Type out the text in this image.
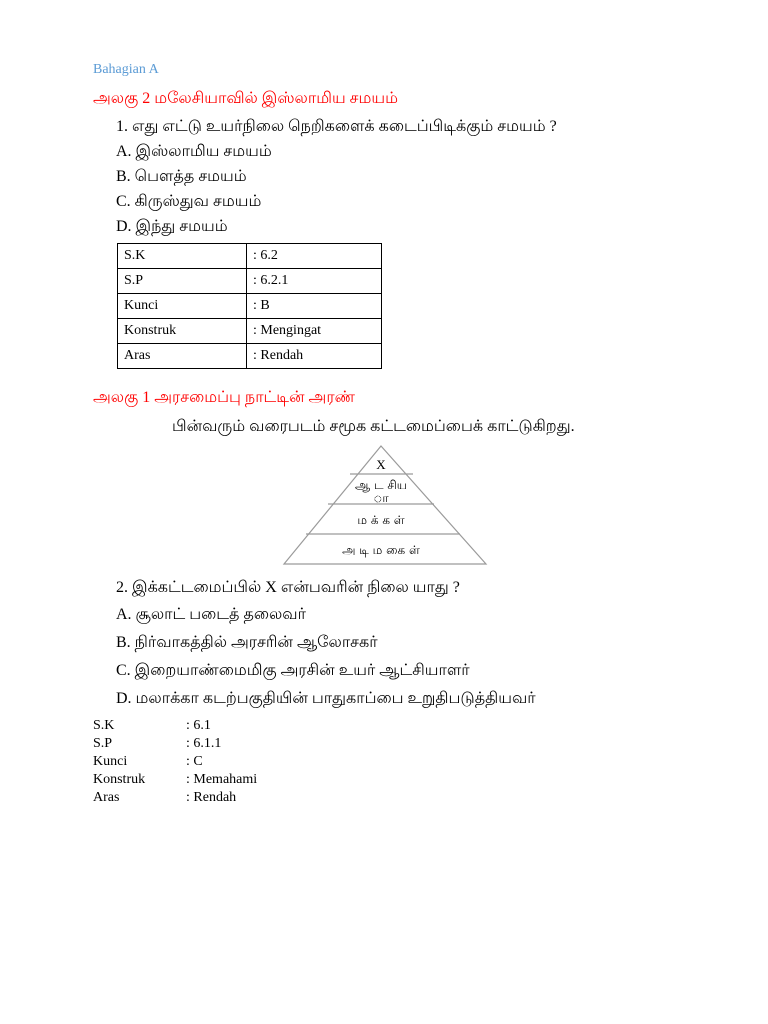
Bahagian A
அலகு 2 மலேசியாவில் இஸ்லாமிய சமயம்
1. எது எட்டு உயர்நிலை நெறிகளைக் கடைப்பிடிக்கும் சமயம் ?
A. இஸ்லாமிய சமயம்
B. பௌத்த சமயம்
C. கிருஸ்துவ சமயம்
D. இந்து சமயம்
S.K	: 6.2
S.P	: 6.2.1
Kunci	: B
Konstruk	: Mengingat
Aras	: Rendah
அலகு 1 அரசமைப்பு நாட்டின் அரண்
பின்வரும் வரைபடம் சமூக கட்டமைப்பைக் காட்டுகிறது.
X
ஆ ட சிய
ா
ம க் க ள்
அ டி ம கை ள்
2. இக்கட்டமைப்பில் X என்பவரின் நிலை யாது ?
A. சூலாட் படைத் தலைவர்
B. நிர்வாகத்தில் அரசரின் ஆலோசகர்
C. இறையாண்மைமிகு அரசின் உயர் ஆட்சியாளர்
D. மலாக்கா கடற்பகுதியின் பாதுகாப்பை உறுதிபடுத்தியவர்
S.K	: 6.1
S.P	: 6.1.1
Kunci	: C
Konstruk	: Memahami
Aras	: Rendah
